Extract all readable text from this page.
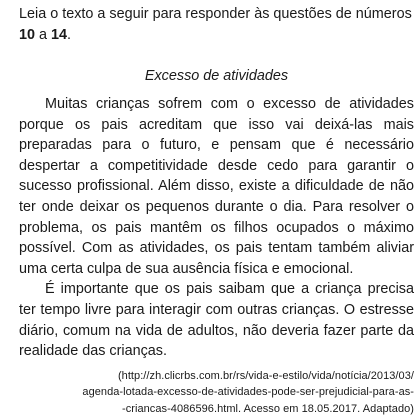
Leia o texto a seguir para responder às questões de números 10 a 14.

Excesso de atividades

Muitas crianças sofrem com o excesso de atividades porque os pais acreditam que isso vai deixá-las mais preparadas para o futuro, e pensam que é necessário despertar a competitividade desde cedo para garantir o sucesso profissional. Além disso, existe a dificuldade de não ter onde deixar os pequenos durante o dia. Para resolver o problema, os pais mantêm os filhos ocupados o máximo possível. Com as atividades, os pais tentam também aliviar uma certa culpa de sua ausência física e emocional.

É importante que os pais saibam que a criança precisa ter tempo livre para interagir com outras crianças. O estresse diário, comum na vida de adultos, não deveria fazer parte da realidade das crianças.

(http://zh.clicrbs.com.br/rs/vida-e-estilo/vida/notícia/2013/03/
agenda-lotada-excesso-de-atividades-pode-ser-prejudicial-para-as-
-criancas-4086596.html. Acesso em 18.05.2017. Adaptado)
